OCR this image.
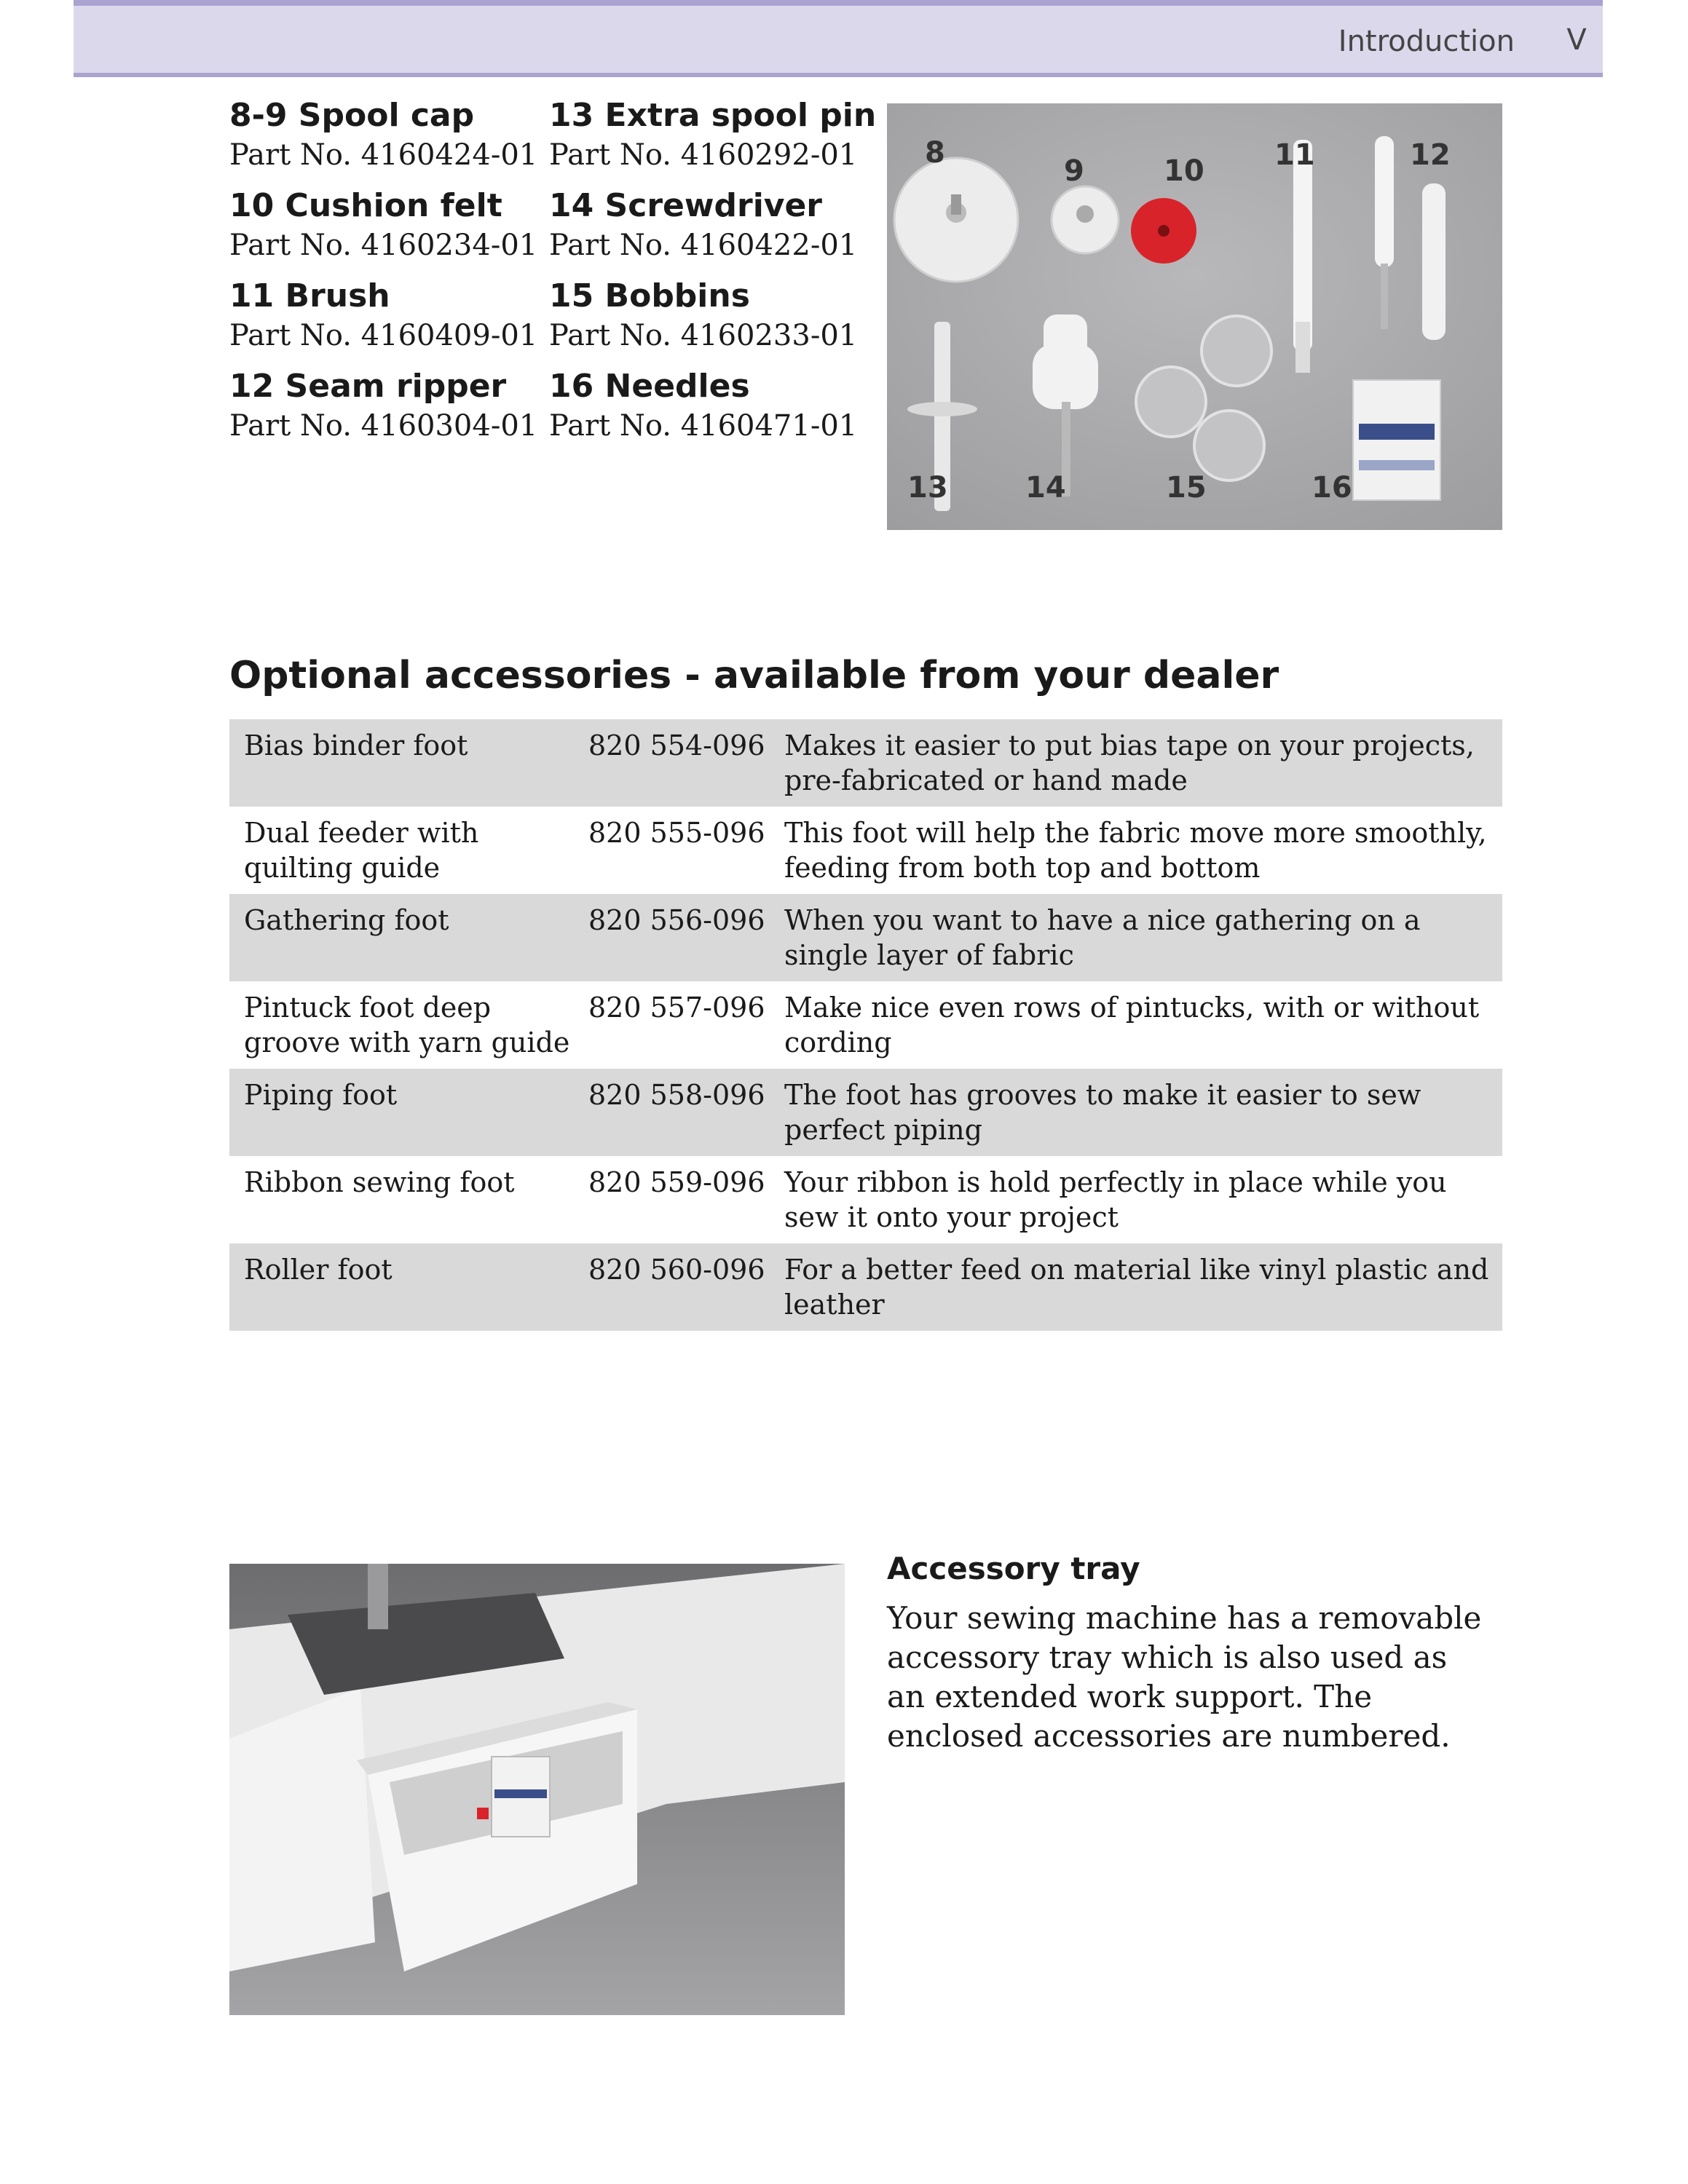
Introduction V
8-9 Spool cap
Part No. 4160424-01
10 Cushion felt
Part No. 4160234-01
11 Brush
Part No. 4160409-01
12 Seam ripper
Part No. 4160304-01
13 Extra spool pin
Part No. 4160292-01
14 Screwdriver
Part No. 4160422-01
15 Bobbins
Part No. 4160233-01
16 Needles
Part No. 4160471-01
8
9	10 11	12
13	14	15	16
Optional accessories - available from your dealer
Bias binder foot	820 554-096 Makes it easier to put bias tape on your projects, pre-fabricated or hand made
Dual feeder with quilting guide
820 555-096 This foot will help the fabric move more smoothly, feeding from both top and bottom
Gathering foot	820 556-096 When you want to have a nice gathering on a single layer of fabric
Pintuck foot deep groove with yarn guide
820 557-096 Make nice even rows of pintucks, with or without cording
Piping foot	820 558-096 The foot has grooves to make it easier to sew perfect piping
Ribbon sewing foot	820 559-096 Your ribbon is hold perfectly in place while you sew it onto your project
Roller foot	820 560-096 For a better feed on material like vinyl plastic and leather
Accessory tray
Your sewing machine has a removable accessory tray which is also used as an extended work support. The enclosed accessories are numbered.
